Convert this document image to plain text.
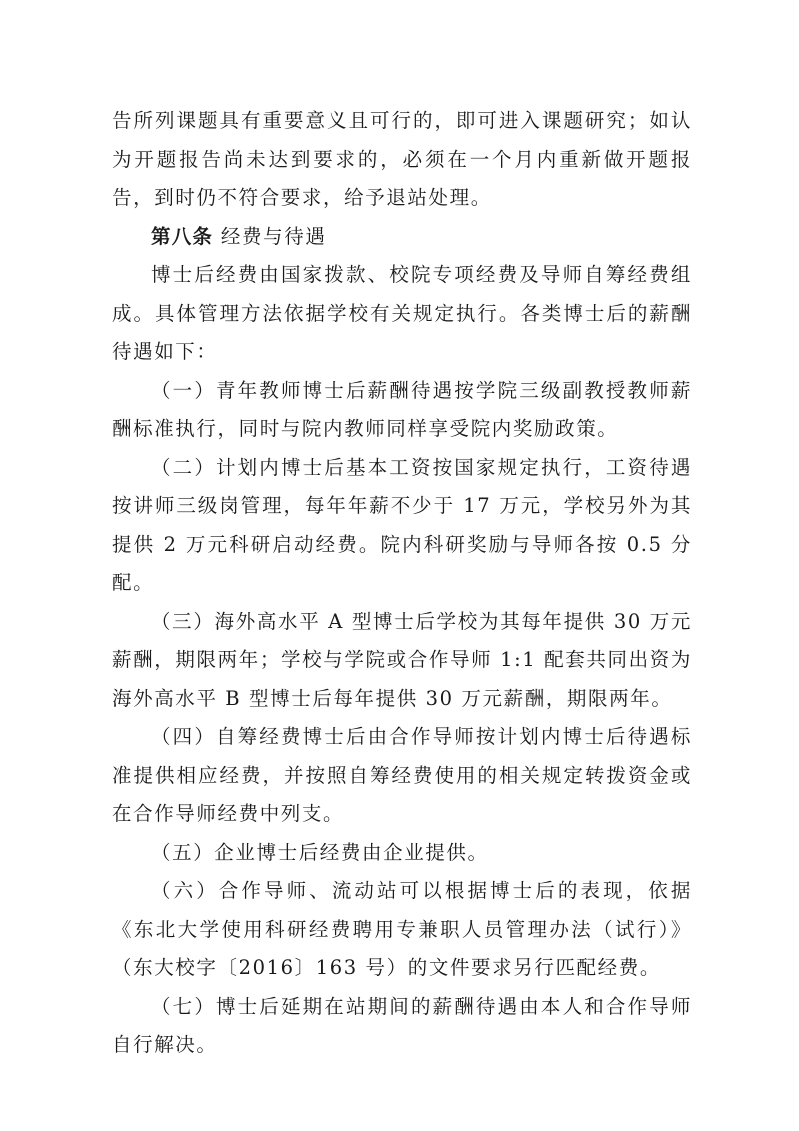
告所列课题具有重要意义且可行的，即可进入课题研究；如认为开题报告尚未达到要求的，必须在一个月内重新做开题报告，到时仍不符合要求，给予退站处理。

第八条 经费与待遇

博士后经费由国家拨款、校院专项经费及导师自筹经费组成。具体管理方法依据学校有关规定执行。各类博士后的薪酬待遇如下：

（一）青年教师博士后薪酬待遇按学院三级副教授教师薪酬标准执行，同时与院内教师同样享受院内奖励政策。

（二）计划内博士后基本工资按国家规定执行，工资待遇按讲师三级岗管理，每年年薪不少于 17 万元，学校另外为其提供 2 万元科研启动经费。院内科研奖励与导师各按 0.5 分配。

（三）海外高水平 A 型博士后学校为其每年提供 30 万元薪酬，期限两年；学校与学院或合作导师 1:1 配套共同出资为海外高水平 B 型博士后每年提供 30 万元薪酬，期限两年。

（四）自筹经费博士后由合作导师按计划内博士后待遇标准提供相应经费，并按照自筹经费使用的相关规定转拨资金或在合作导师经费中列支。

（五）企业博士后经费由企业提供。

（六）合作导师、流动站可以根据博士后的表现，依据《东北大学使用科研经费聘用专兼职人员管理办法（试行）》（东大校字〔2016〕163 号）的文件要求另行匹配经费。

（七）博士后延期在站期间的薪酬待遇由本人和合作导师自行解决。
